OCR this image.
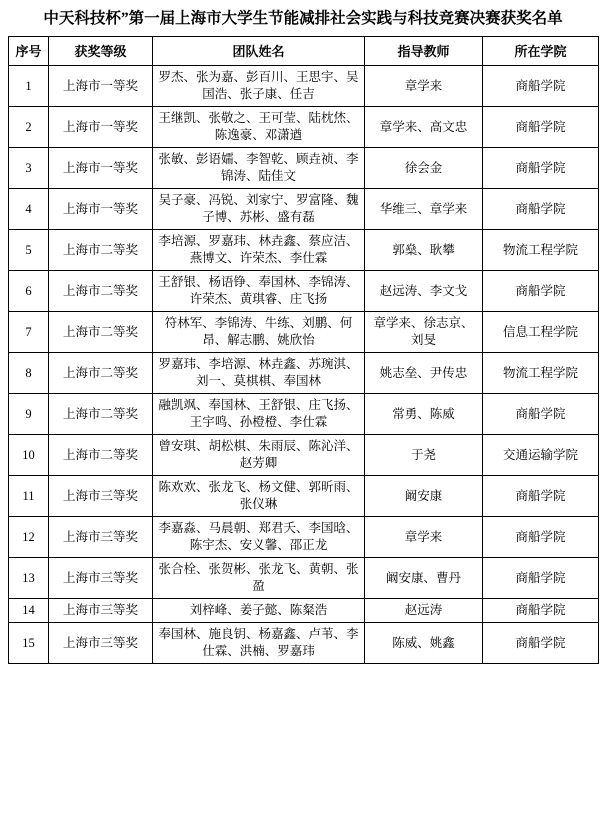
中天科技杯”第一届上海市大学生节能减排社会实践与科技竞赛决赛获奖名单
序号	获奖等级	团队姓名	指导教师	所在学院
1	上海市一等奖	罗杰、张为嘉、彭百川、王思宇、吴国浩、张子康、任吉	章学来	商船学院
2	上海市一等奖	王继凯、张敬之、王可莹、陆枕烋、陈逸豪、邓潇遒	章学来、高文忠	商船学院
3	上海市一等奖	张敏、彭语嬬、李智乾、顾垚祯、李锦涛、陆佳文	徐会金	商船学院
4	上海市一等奖	吴子豪、冯锐、刘家宁、罗富隆、魏子博、苏彬、盛有磊	华维三、章学来	商船学院
5	上海市二等奖	李培源、罗嘉玮、林垚鑫、蔡应洁、燕博文、许荣杰、李仕霖	郭燊、耿攀	物流工程学院
6	上海市二等奖	王舒银、杨语铮、奉国林、李锦涛、许荣杰、黄琪睿、庄飞扬	赵远涛、李文戈	商船学院
7	上海市二等奖	符林军、李锦涛、牛练、刘鹏、何昂、解志鹏、姚欣怡	章学来、徐志京、刘旻	信息工程学院
8	上海市二等奖	罗嘉玮、李培源、林垚鑫、苏琬淇、刘一、莫棋棋、奉国林	姚志垒、尹传忠	物流工程学院
9	上海市二等奖	融凯飒、奉国林、王舒银、庄飞扬、王宇鸣、孙橙橙、李仕霖	常勇、陈威	商船学院
10	上海市二等奖	曾安琪、胡松棋、朱雨辰、陈沁洋、赵芳卿	于尧	交通运输学院
11	上海市三等奖	陈欢欢、张龙飞、杨文健、郭昕雨、张仪琳	阚安康	商船学院
12	上海市三等奖	李嘉淼、马晨朝、郑君夭、李国晗、陈宇杰、安义馨、邵正龙	章学来	商船学院
13	上海市三等奖	张合栓、张贺彬、张龙飞、黄朝、张盈	阚安康、曹丹	商船学院
14	上海市三等奖	刘梓峰、姜子懿、陈粲浩	赵远涛	商船学院
15	上海市三等奖	奉国林、施良钥、杨嘉鑫、卢苇、李仕霖、洪楠、罗嘉玮	陈威、姚鑫	商船学院
